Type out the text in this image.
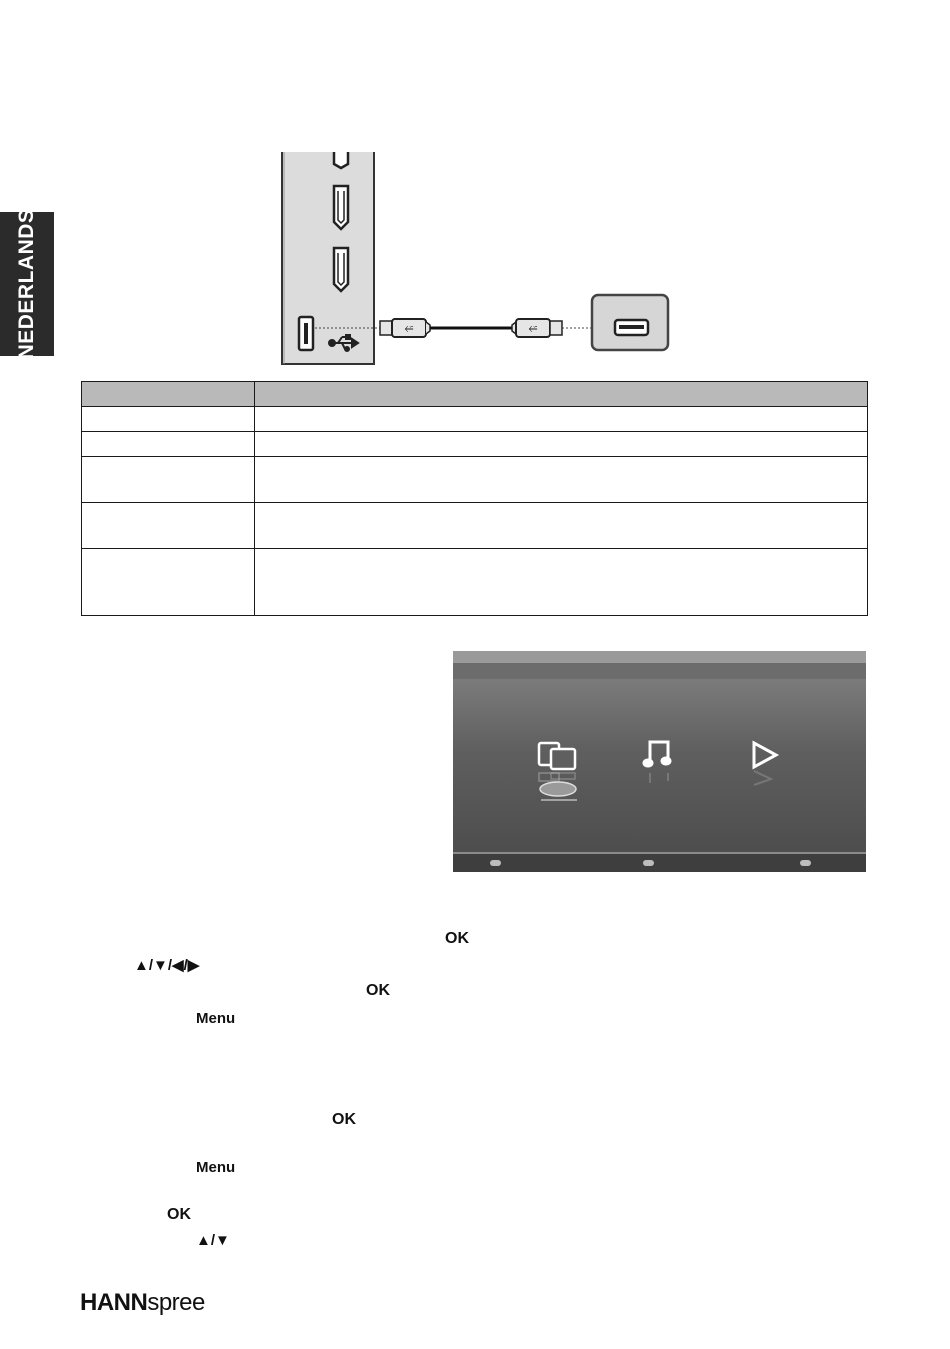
NEDERLANDS	⭁	⭁

OK
▲/▼/◀/▶
OK
Menu
OK
Menu
OK
▲/▼
HANNspree
